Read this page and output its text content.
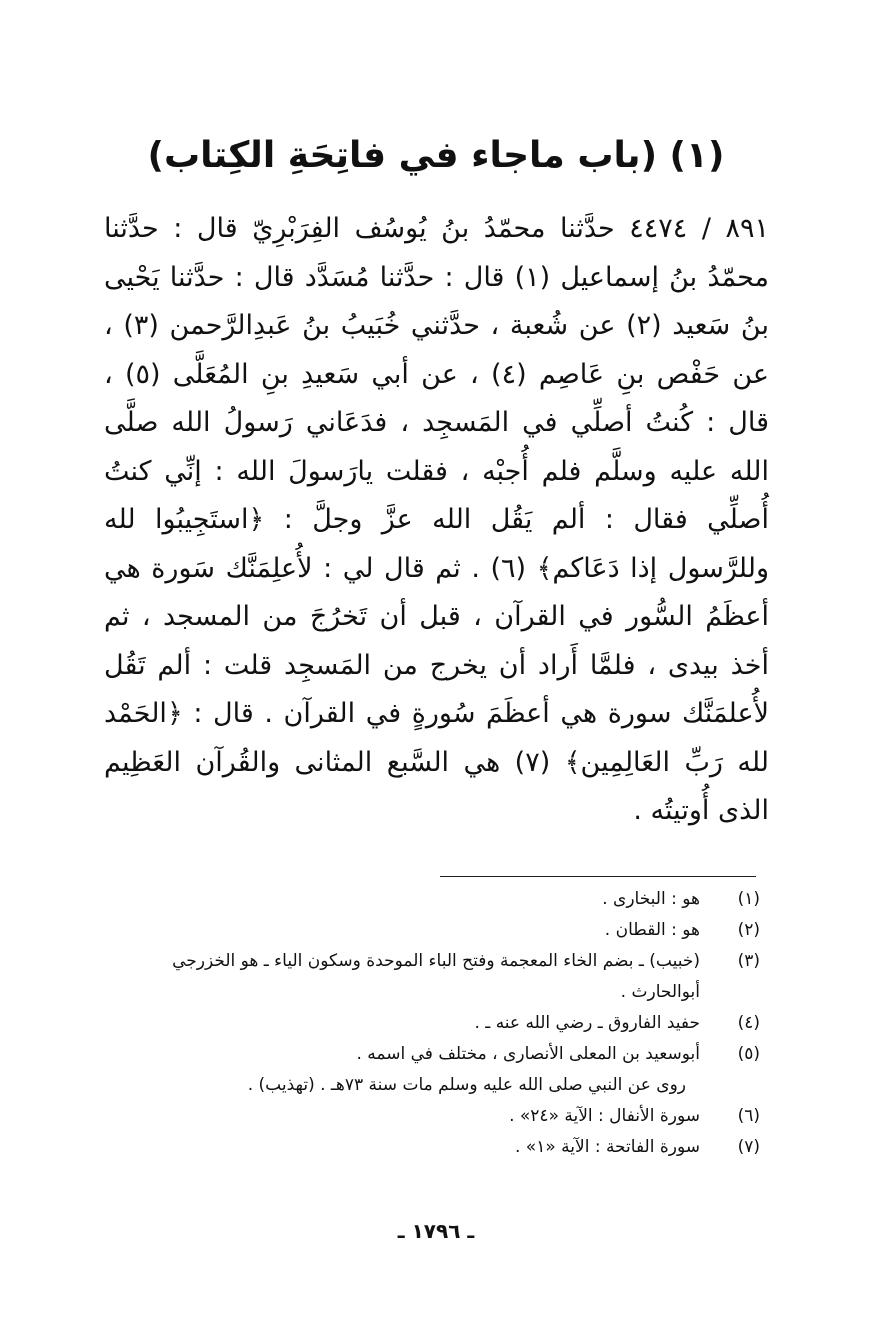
(١) (باب ماجاء في فاتِحَةِ الكِتاب)

٨٩١ / ٤٤٧٤ حدَّثنا محمّدُ بنُ يُوسُف الفِرَبْرِيّ قال : حدَّثنا محمّدُ بنُ إسماعيل (١) قال : حدَّثنا مُسَدَّد قال : حدَّثنا يَحْيى بنُ سَعيد (٢) عن شُعبة ، حدَّثني خُبَيبُ بنُ عَبدِالرَّحمن (٣) ، عن حَفْص بنِ عَاصِم (٤) ، عن أبي سَعيدِ بنِ المُعَلَّى (٥) ، قال : كُنتُ أصلِّي في المَسجِد ، فدَعَاني رَسولُ الله صلَّى الله عليه وسلَّم فلم أُجبْه ، فقلت يارَسولَ الله : إنِّي كنتُ أُصلِّي فقال : ألم يَقُل الله عزَّ وجلَّ : ﴿استَجِيبُوا لله وللرَّسول إذا دَعَاكم﴾ (٦) . ثم قال لي : لأُعلِمَنَّك سَورة هي أعظَمُ السُّور في القرآن ، قبل أن تَخرُجَ من المسجد ، ثم أخذ بيدى ، فلمَّا أَراد أن يخرج من المَسجِد قلت : ألم تَقُل لأُعلمَنَّك سورة هي أعظَمَ سُورةٍ في القرآن . قال : ﴿الحَمْد لله رَبِّ العَالِمِين﴾ (٧) هي السَّبع المثانى والقُرآن العَظِيم الذى أُوتيتُه .

(١)
هو : البخارى .
(٢)
هو : القطان .
(٣)
(خبيب) ـ بضم الخاء المعجمة وفتح الباء الموحدة وسكون الياء ـ هو الخزرجي
أبوالحارث .
(٤)
حفيد الفاروق ـ رضي الله عنه ـ .
(٥)
أبوسعيد بن المعلى الأنصارى ، مختلف في اسمه .
روى عن النبي صلى الله عليه وسلم مات سنة ٧٣هـ . (تهذيب) .
(٦)
سورة الأنفال : الآية «٢٤» .
(٧)
سورة الفاتحة : الآية «١» .
ـ ١٧٩٦ ـ
